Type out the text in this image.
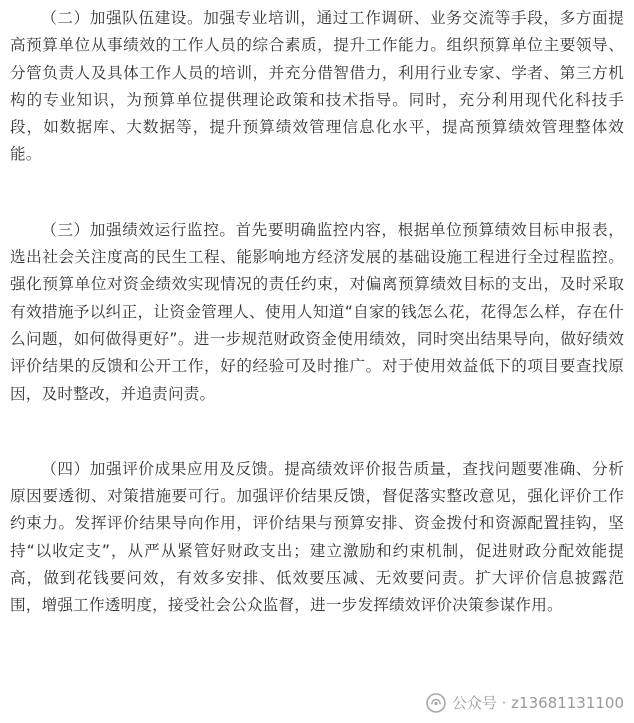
（二）加强队伍建设。加强专业培训，通过工作调研、业务交流等手段，多方面提高预算单位从事绩效的工作人员的综合素质，提升工作能力。组织预算单位主要领导、分管负责人及具体工作人员的培训，并充分借智借力，利用行业专家、学者、第三方机构的专业知识，为预算单位提供理论政策和技术指导。同时，充分利用现代化科技手段，如数据库、大数据等，提升预算绩效管理信息化水平，提高预算绩效管理整体效能。

（三）加强绩效运行监控。首先要明确监控内容，根据单位预算绩效目标申报表，选出社会关注度高的民生工程、能影响地方经济发展的基础设施工程进行全过程监控。强化预算单位对资金绩效实现情况的责任约束，对偏离预算绩效目标的支出，及时采取有效措施予以纠正，让资金管理人、使用人知道“自家的钱怎么花，花得怎么样，存在什么问题，如何做得更好”。进一步规范财政资金使用绩效，同时突出结果导向，做好绩效评价结果的反馈和公开工作，好的经验可及时推广。对于使用效益低下的项目要查找原因，及时整改，并追责问责。

（四）加强评价成果应用及反馈。提高绩效评价报告质量，查找问题要准确、分析原因要透彻、对策措施要可行。加强评价结果反馈，督促落实整改意见，强化评价工作约束力。发挥评价结果导向作用，评价结果与预算安排、资金拨付和资源配置挂钩，坚持“以收定支”，从严从紧管好财政支出；建立激励和约束机制，促进财政分配效能提高，做到花钱要问效，有效多安排、低效要压减、无效要问责。扩大评价信息披露范围，增强工作透明度，接受社会公众监督，进一步发挥绩效评价决策参谋作用。

公众号 · z13681131100
